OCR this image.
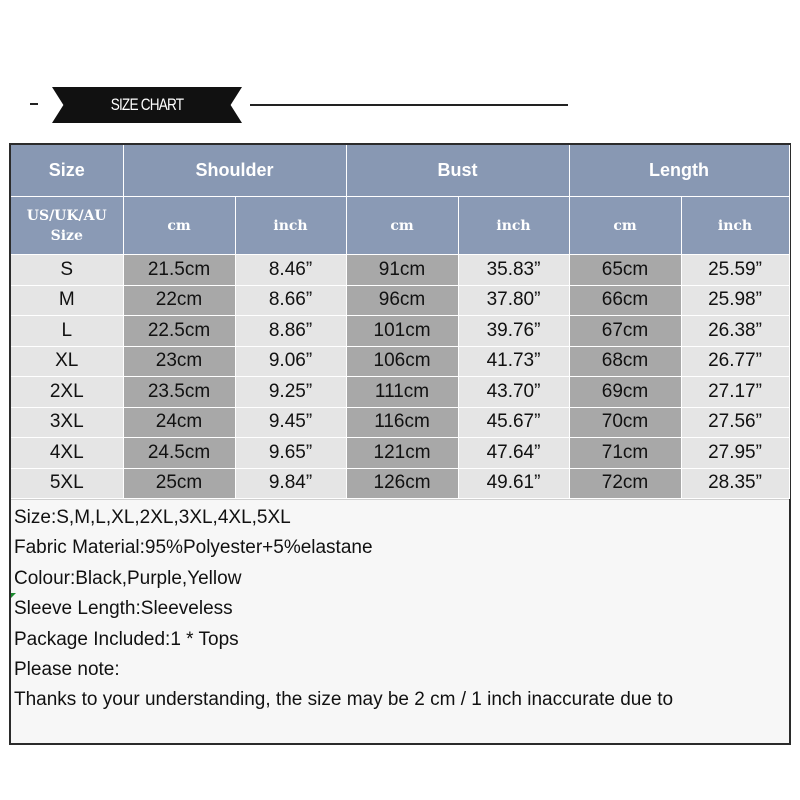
SIZE CHART
Size	Shoulder		Bust		Length	
US/UK/AU
Size	cm	inch	cm	inch	cm	inch
S	21.5cm	8.46”	91cm	35.83”	65cm	25.59”
M	22cm	8.66”	96cm	37.80”	66cm	25.98”
L	22.5cm	8.86”	101cm	39.76”	67cm	26.38”
XL	23cm	9.06”	106cm	41.73”	68cm	26.77”
2XL	23.5cm	9.25”	111cm	43.70”	69cm	27.17”
3XL	24cm	9.45”	116cm	45.67”	70cm	27.56”
4XL	24.5cm	9.65”	121cm	47.64”	71cm	27.95”
5XL	25cm	9.84”	126cm	49.61”	72cm	28.35”
Size:S,M,L,XL,2XL,3XL,4XL,5XL
Fabric Material:95%Polyester+5%elastane
Colour:Black,Purple,Yellow
Sleeve Length:Sleeveless
Package Included:1 * Tops
Please note:
Thanks to your understanding, the size may be 2 cm / 1 inch inaccurate due to
